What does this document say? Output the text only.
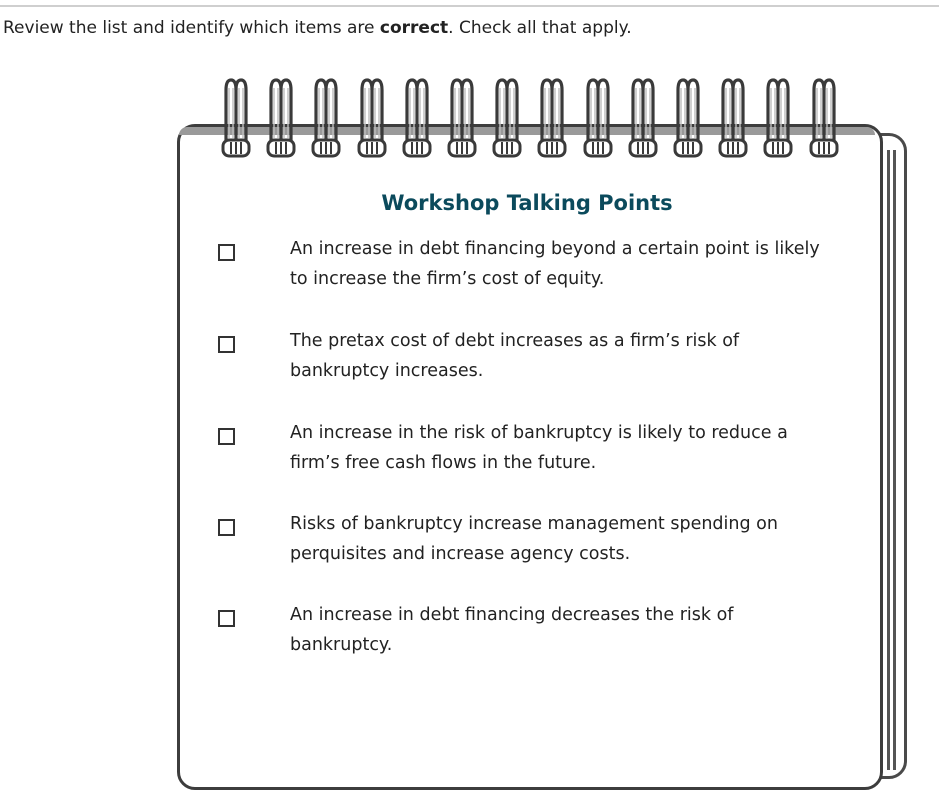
Review the list and identify which items are correct. Check all that apply.
Workshop Talking Points
An increase in debt financing beyond a certain point is likely to increase the firm’s cost of equity.
The pretax cost of debt increases as a firm’s risk of bankruptcy increases.
An increase in the risk of bankruptcy is likely to reduce a firm’s free cash flows in the future.
Risks of bankruptcy increase management spending on perquisites and increase agency costs.
An increase in debt financing decreases the risk of bankruptcy.
